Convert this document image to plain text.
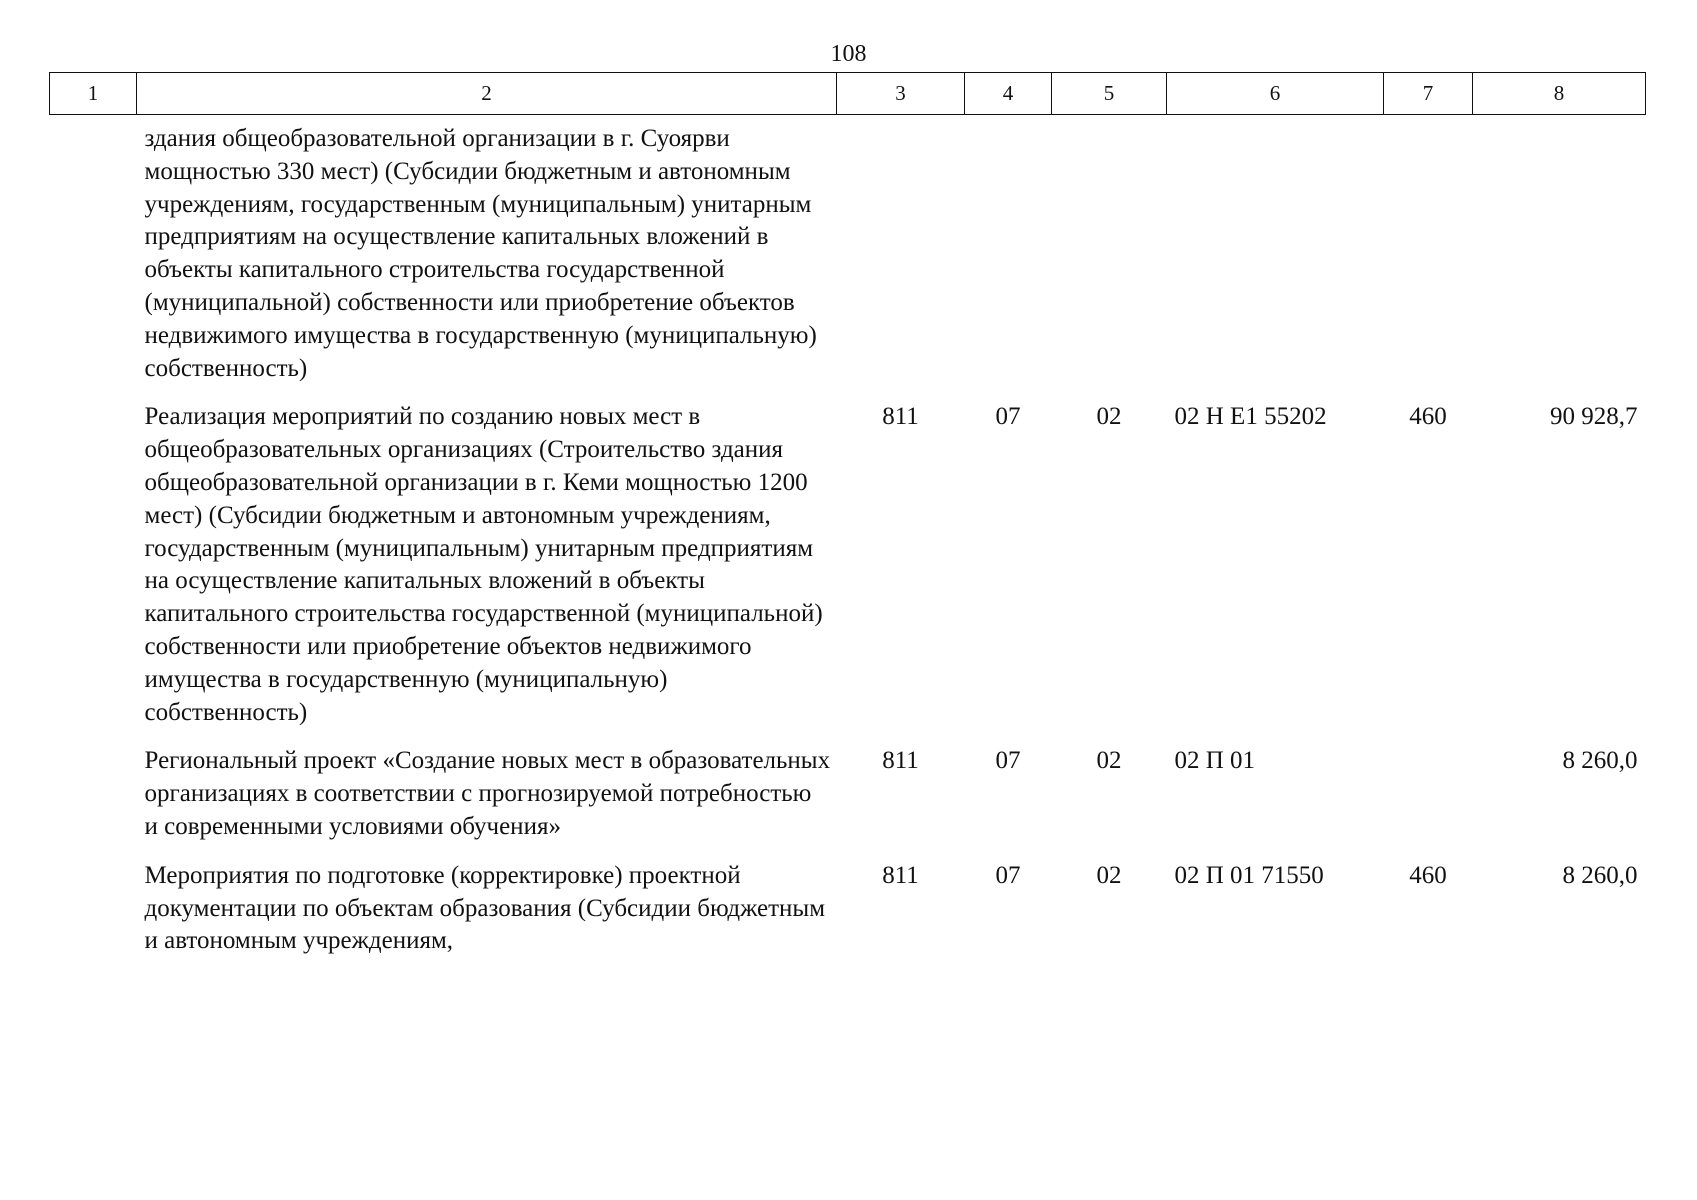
108
1	2	3	4	5	6	7	8
	здания общеобразовательной организации в г. Суоярви мощностью 330 мест) (Субсидии бюджетным и автономным учреждениям, государственным (муниципальным) унитарным предприятиям на осуществление капитальных вложений в объекты капитального строительства государственной (муниципальной) собственности или приобретение объектов недвижимого имущества в государственную (муниципальную) собственность)						
	Реализация мероприятий по созданию новых мест в общеобразовательных организациях (Строительство здания общеобразовательной организации в г. Кеми мощностью 1200 мест) (Субсидии бюджетным и автономным учреждениям, государственным (муниципальным) унитарным предприятиям на осуществление капитальных вложений в объекты капитального строительства государственной (муниципальной) собственности или приобретение объектов недвижимого имущества в государственную (муниципальную) собственность)	811	07	02	02 Н Е1 55202	460	90 928,7
	Региональный проект «Создание новых мест в образовательных организациях в соответствии с прогнозируемой потребностью и современными условиями обучения»	811	07	02	02 П 01		8 260,0
	Мероприятия по подготовке (корректировке) проектной документации по объектам образования (Субсидии бюджетным и автономным учреждениям,	811	07	02	02 П 01 71550	460	8 260,0
